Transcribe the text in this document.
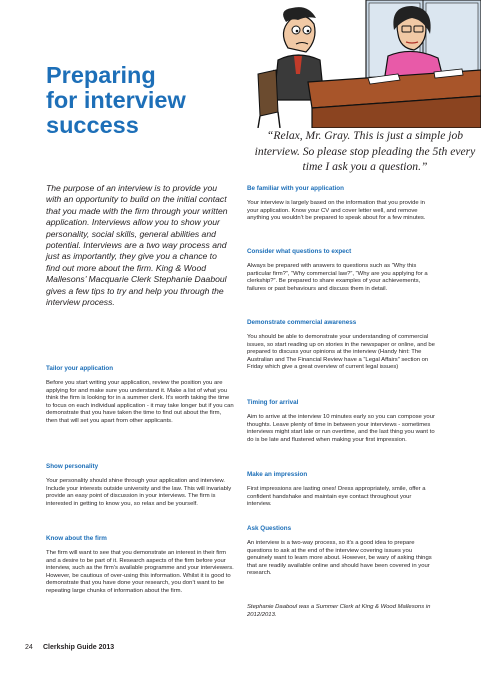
Preparing
for interview
success	“Relax, Mr. Gray. This is just a simple job interview. So please stop pleading the 5th every time I ask you a question.”

The purpose of an interview is to provide you with an opportunity to build on the initial contact that you made with the firm through your written application. Interviews allow you to show your personality, social skills, general abilities and potential. Interviews are a two way process and just as importantly, they give you a chance to find out more about the firm. King & Wood Mallesons’ Macquarie Clerk Stephanie Daaboul gives a few tips to try and help you through the interview process.

Tailor your application

Before you start writing your application, review the position you are applying for and make sure you understand it. Make a list of what you think the firm is looking for in a summer clerk. It’s worth taking the time to focus on each individual application - it may take longer but if you can demonstrate that you have taken the time to find out about the firm, then that will set you apart from other applicants.

Show personality

Your personality should shine through your application and interview. Include your interests outside university and the law. This will invariably provide an easy point of discussion in your interviews. The firm is interested in getting to know you, so relax and be yourself.

Know about the firm

The firm will want to see that you demonstrate an interest in their firm and a desire to be part of it. Research aspects of the firm before your interview, such as the firm’s available programme and your interviewers. However, be cautious of over-using this information. Whilst it is good to demonstrate that you have done your research, you don’t want to be repeating large chunks of information about the firm.

Be familiar with your application

Your interview is largely based on the information that you provide in your application. Know your CV and cover letter well, and remove anything you wouldn’t be prepared to speak about for a few minutes.

Consider what questions to expect

Always be prepared with answers to questions such as “Why this particular firm?”, “Why commercial law?”, “Why are you applying for a clerkship?”. Be prepared to share examples of your achievements, failures or past behaviours and discuss them in detail.

Demonstrate commercial awareness

You should be able to demonstrate your understanding of commercial issues, so start reading up on stories in the newspaper or online, and be prepared to discuss your opinions at the interview (Handy hint: The Australian and The Financial Review have a “Legal Affairs” section on Friday which give a great overview of current legal issues)

Timing for arrival

Aim to arrive at the interview 10 minutes early so you can compose your thoughts. Leave plenty of time in between your interviews - sometimes interviews might start late or run overtime, and the last thing you want to do is be late and flustered when making your first impression.

Make an impression

First impressions are lasting ones! Dress appropriately, smile, offer a confident handshake and maintain eye contact throughout your interview.

Ask Questions

An interview is a two-way process, so it’s a good idea to prepare questions to ask at the end of the interview covering issues you genuinely want to learn more about. However, be wary of asking things that are readily available online and should have been covered in your research.

Stephanie Daaboul was a Summer Clerk at King & Wood Mallesons in 2012/2013.

24 Clerkship Guide 2013
